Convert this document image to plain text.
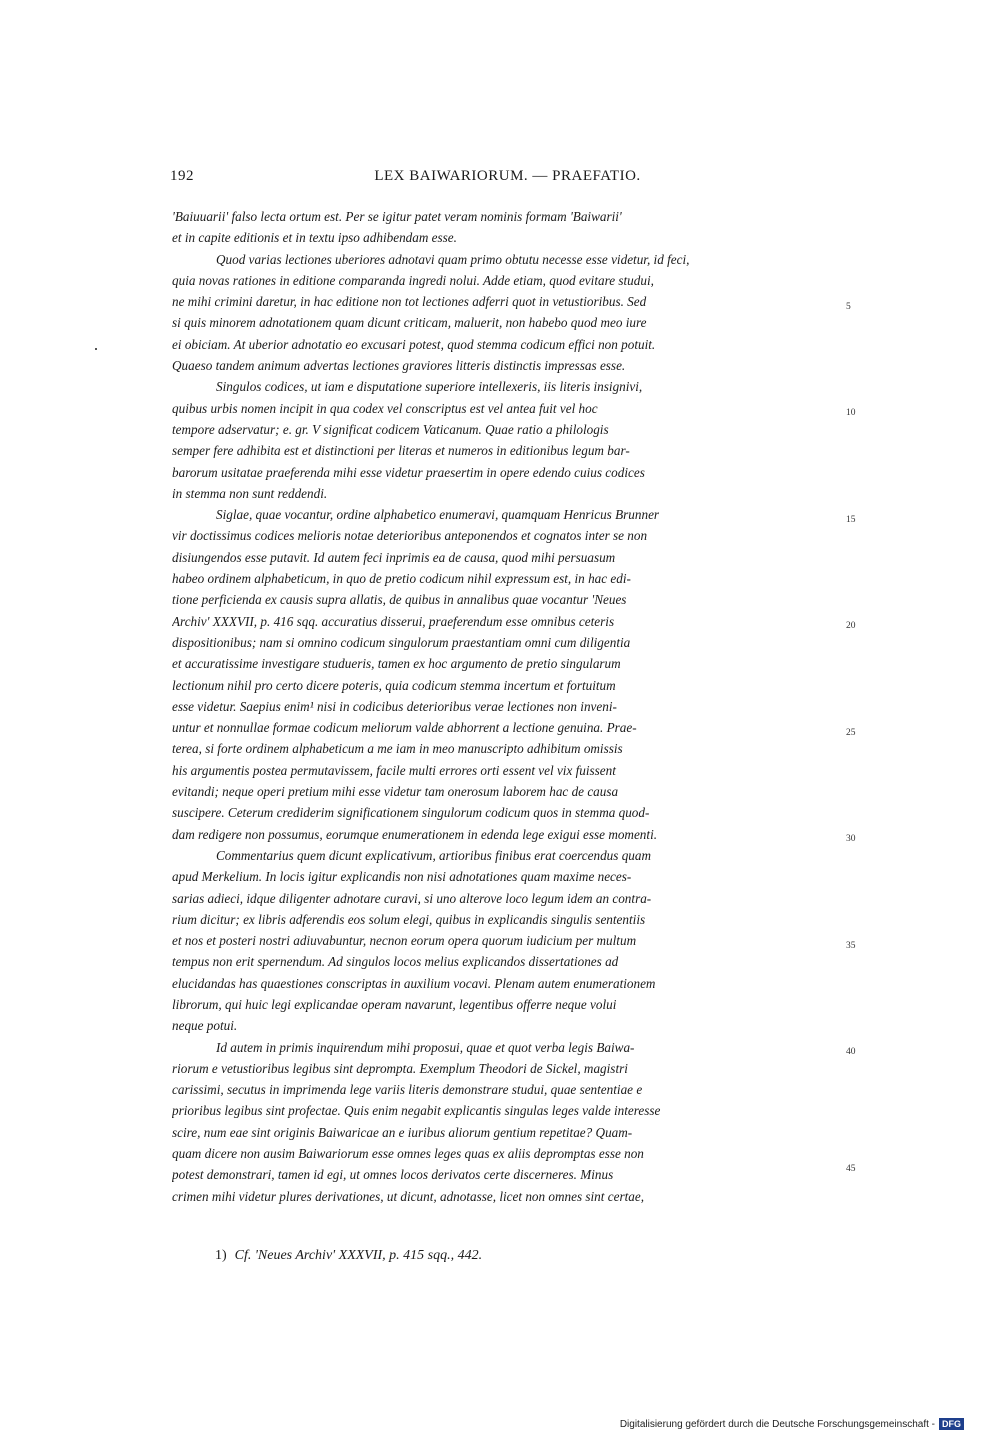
192	LEX BAIWARIORUM. — PRAEFATIO.
'Baiuuarii' falso lecta ortum est. Per se igitur patet veram nominis formam 'Baiwarii'
et in capite editionis et in textu ipso adhibendam esse.
Quod varias lectiones uberiores adnotavi quam primo obtutu necesse esse videtur, id feci,
quia novas rationes in editione comparanda ingredi nolui. Adde etiam, quod evitare studui,
ne mihi crimini daretur, in hac editione non tot lectiones adferri quot in vetustioribus. Sed
si quis minorem adnotationem quam dicunt criticam, maluerit, non habebo quod meo iure
ei obiciam. At uberior adnotatio eo excusari potest, quod stemma codicum effici non potuit.
Quaeso tandem animum advertas lectiones graviores litteris distinctis impressas esse.
Singulos codices, ut iam e disputatione superiore intellexeris, iis literis insignivi,
quibus urbis nomen incipit in qua codex vel conscriptus est vel antea fuit vel hoc
tempore adservatur; e. gr. V significat codicem Vaticanum. Quae ratio a philologis
semper fere adhibita est et distinctioni per literas et numeros in editionibus legum bar-
barorum usitatae praeferenda mihi esse videtur praesertim in opere edendo cuius codices
in stemma non sunt reddendi.
Siglae, quae vocantur, ordine alphabetico enumeravi, quamquam Henricus Brunner
vir doctissimus codices melioris notae deterioribus anteponendos et cognatos inter se non
disiungendos esse putavit. Id autem feci inprimis ea de causa, quod mihi persuasum
habeo ordinem alphabeticum, in quo de pretio codicum nihil expressum est, in hac edi-
tione perficienda ex causis supra allatis, de quibus in annalibus quae vocantur 'Neues
Archiv' XXXVII, p. 416 sqq. accuratius disserui, praeferendum esse omnibus ceteris
dispositionibus; nam si omnino codicum singulorum praestantiam omni cum diligentia
et accuratissime investigare studueris, tamen ex hoc argumento de pretio singularum
lectionum nihil pro certo dicere poteris, quia codicum stemma incertum et fortuitum
esse videtur. Saepius enim¹ nisi in codicibus deterioribus verae lectiones non inveni-
untur et nonnullae formae codicum meliorum valde abhorrent a lectione genuina. Prae-
terea, si forte ordinem alphabeticum a me iam in meo manuscripto adhibitum omissis
his argumentis postea permutavissem, facile multi errores orti essent vel vix fuissent
evitandi; neque operi pretium mihi esse videtur tam onerosum laborem hac de causa
suscipere. Ceterum crediderim significationem singulorum codicum quos in stemma quod-
dam redigere non possumus, eorumque enumerationem in edenda lege exigui esse momenti.
Commentarius quem dicunt explicativum, artioribus finibus erat coercendus quam
apud Merkelium. In locis igitur explicandis non nisi adnotationes quam maxime neces-
sarias adieci, idque diligenter adnotare curavi, si uno alterove loco legum idem an contra-
rium dicitur; ex libris adferendis eos solum elegi, quibus in explicandis singulis sententiis
et nos et posteri nostri adiuvabuntur, necnon eorum opera quorum iudicium per multum
tempus non erit spernendum. Ad singulos locos melius explicandos dissertationes ad
elucidandas has quaestiones conscriptas in auxilium vocavi. Plenam autem enumerationem
librorum, qui huic legi explicandae operam navarunt, legentibus offerre neque volui
neque potui.
Id autem in primis inquirendum mihi proposui, quae et quot verba legis Baiwa-
riorum e vetustioribus legibus sint deprompta. Exemplum Theodori de Sickel, magistri
carissimi, secutus in imprimenda lege variis literis demonstrare studui, quae sententiae e
prioribus legibus sint profectae. Quis enim negabit explicantis singulas leges valde interesse
scire, num eae sint originis Baiwaricae an e iuribus aliorum gentium repetitae? Quam-
quam dicere non ausim Baiwariorum esse omnes leges quas ex aliis depromptas esse non
potest demonstrari, tamen id egi, ut omnes locos derivatos certe discerneres. Minus
crimen mihi videtur plures derivationes, ut dicunt, adnotasse, licet non omnes sint certae,
5
10
15
20
25
30
35
40
45
1) Cf. 'Neues Archiv' XXXVII, p. 415 sqq., 442.
Digitalisierung gefördert durch die Deutsche Forschungsgemeinschaft - DFG
